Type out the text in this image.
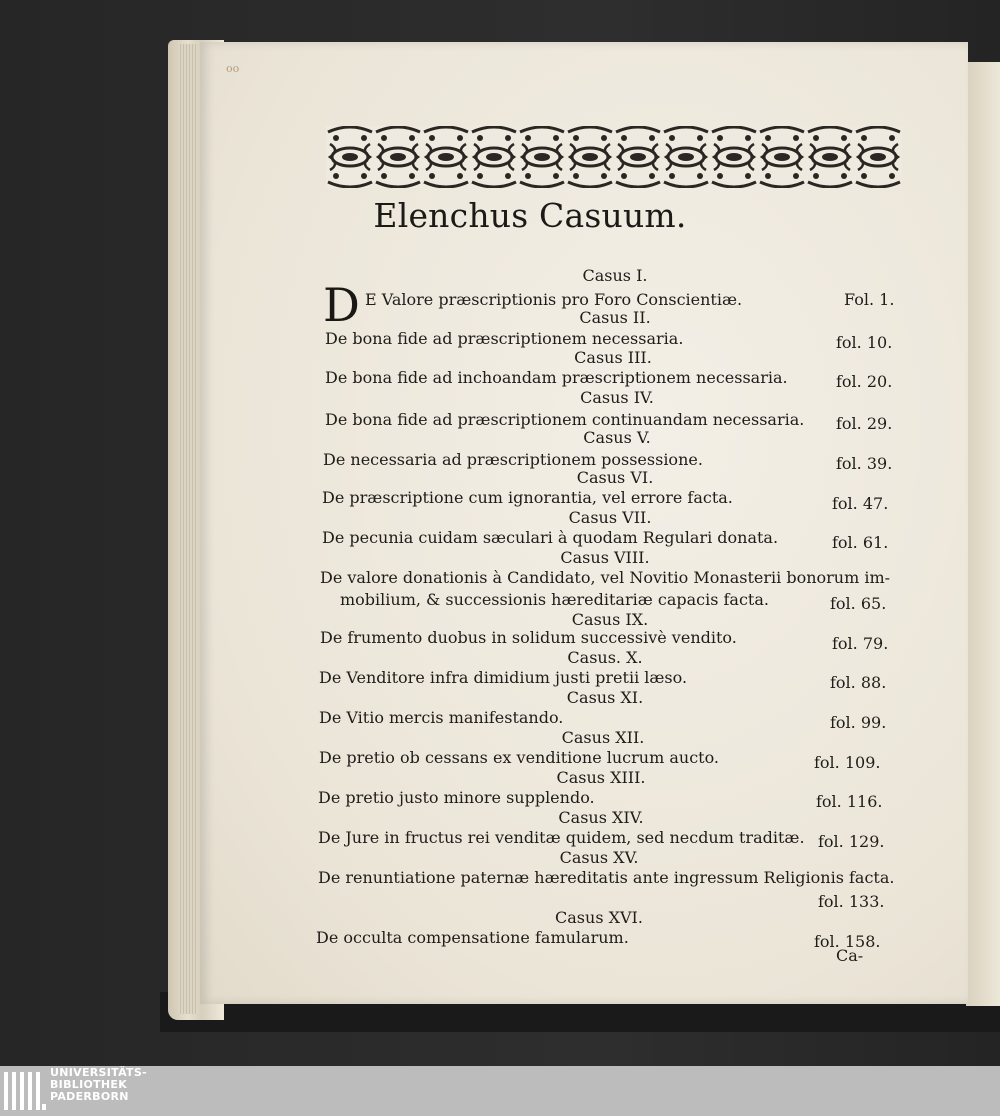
oo
Elenchus Casuum.
D
Casus I.
E Valore præscriptionis pro Foro Conscientiæ.	Fol. 1.
Casus II.
De bona fide ad præscriptionem necessaria.	fol. 10.
Casus III.
De bona fide ad inchoandam præscriptionem necessaria.	fol. 20.
Casus IV.
De bona fide ad præscriptionem continuandam necessaria. fol. 29.
Casus V.
De necessaria ad præscriptionem possessione.	fol. 39.
Casus VI.
De præscriptione cum ignorantia, vel errore facta.	fol. 47.
Casus VII.
De pecunia cuidam sæculari à quodam Regulari donata.	fol. 61.
Casus VIII.
De valore donationis à Candidato, vel Novitio Monasterii bonorum im-
mobilium, & successionis hæreditariæ capacis facta.	fol. 65.
Casus IX.
De frumento duobus in solidum successivè vendito.	fol. 79.
Casus. X.
De Venditore infra dimidium justi pretii læso.	fol. 88.
Casus XI.
De Vitio mercis manifestando.	fol. 99.
Casus XII.
De pretio ob cessans ex venditione lucrum aucto.	fol. 109.
Casus XIII.
De pretio justo minore supplendo.	fol. 116.
Casus XIV.
De Jure in fructus rei venditæ quidem, sed necdum traditæ. fol. 129.
Casus XV.
De renuntiatione paternæ hæreditatis ante ingressum Religionis facta.
fol. 133.
Casus XVI.
De occulta compensatione famularum.	fol. 158.
Ca-
UNIVERSITÄTS-
BIBLIOTHEK
PADERBORN
